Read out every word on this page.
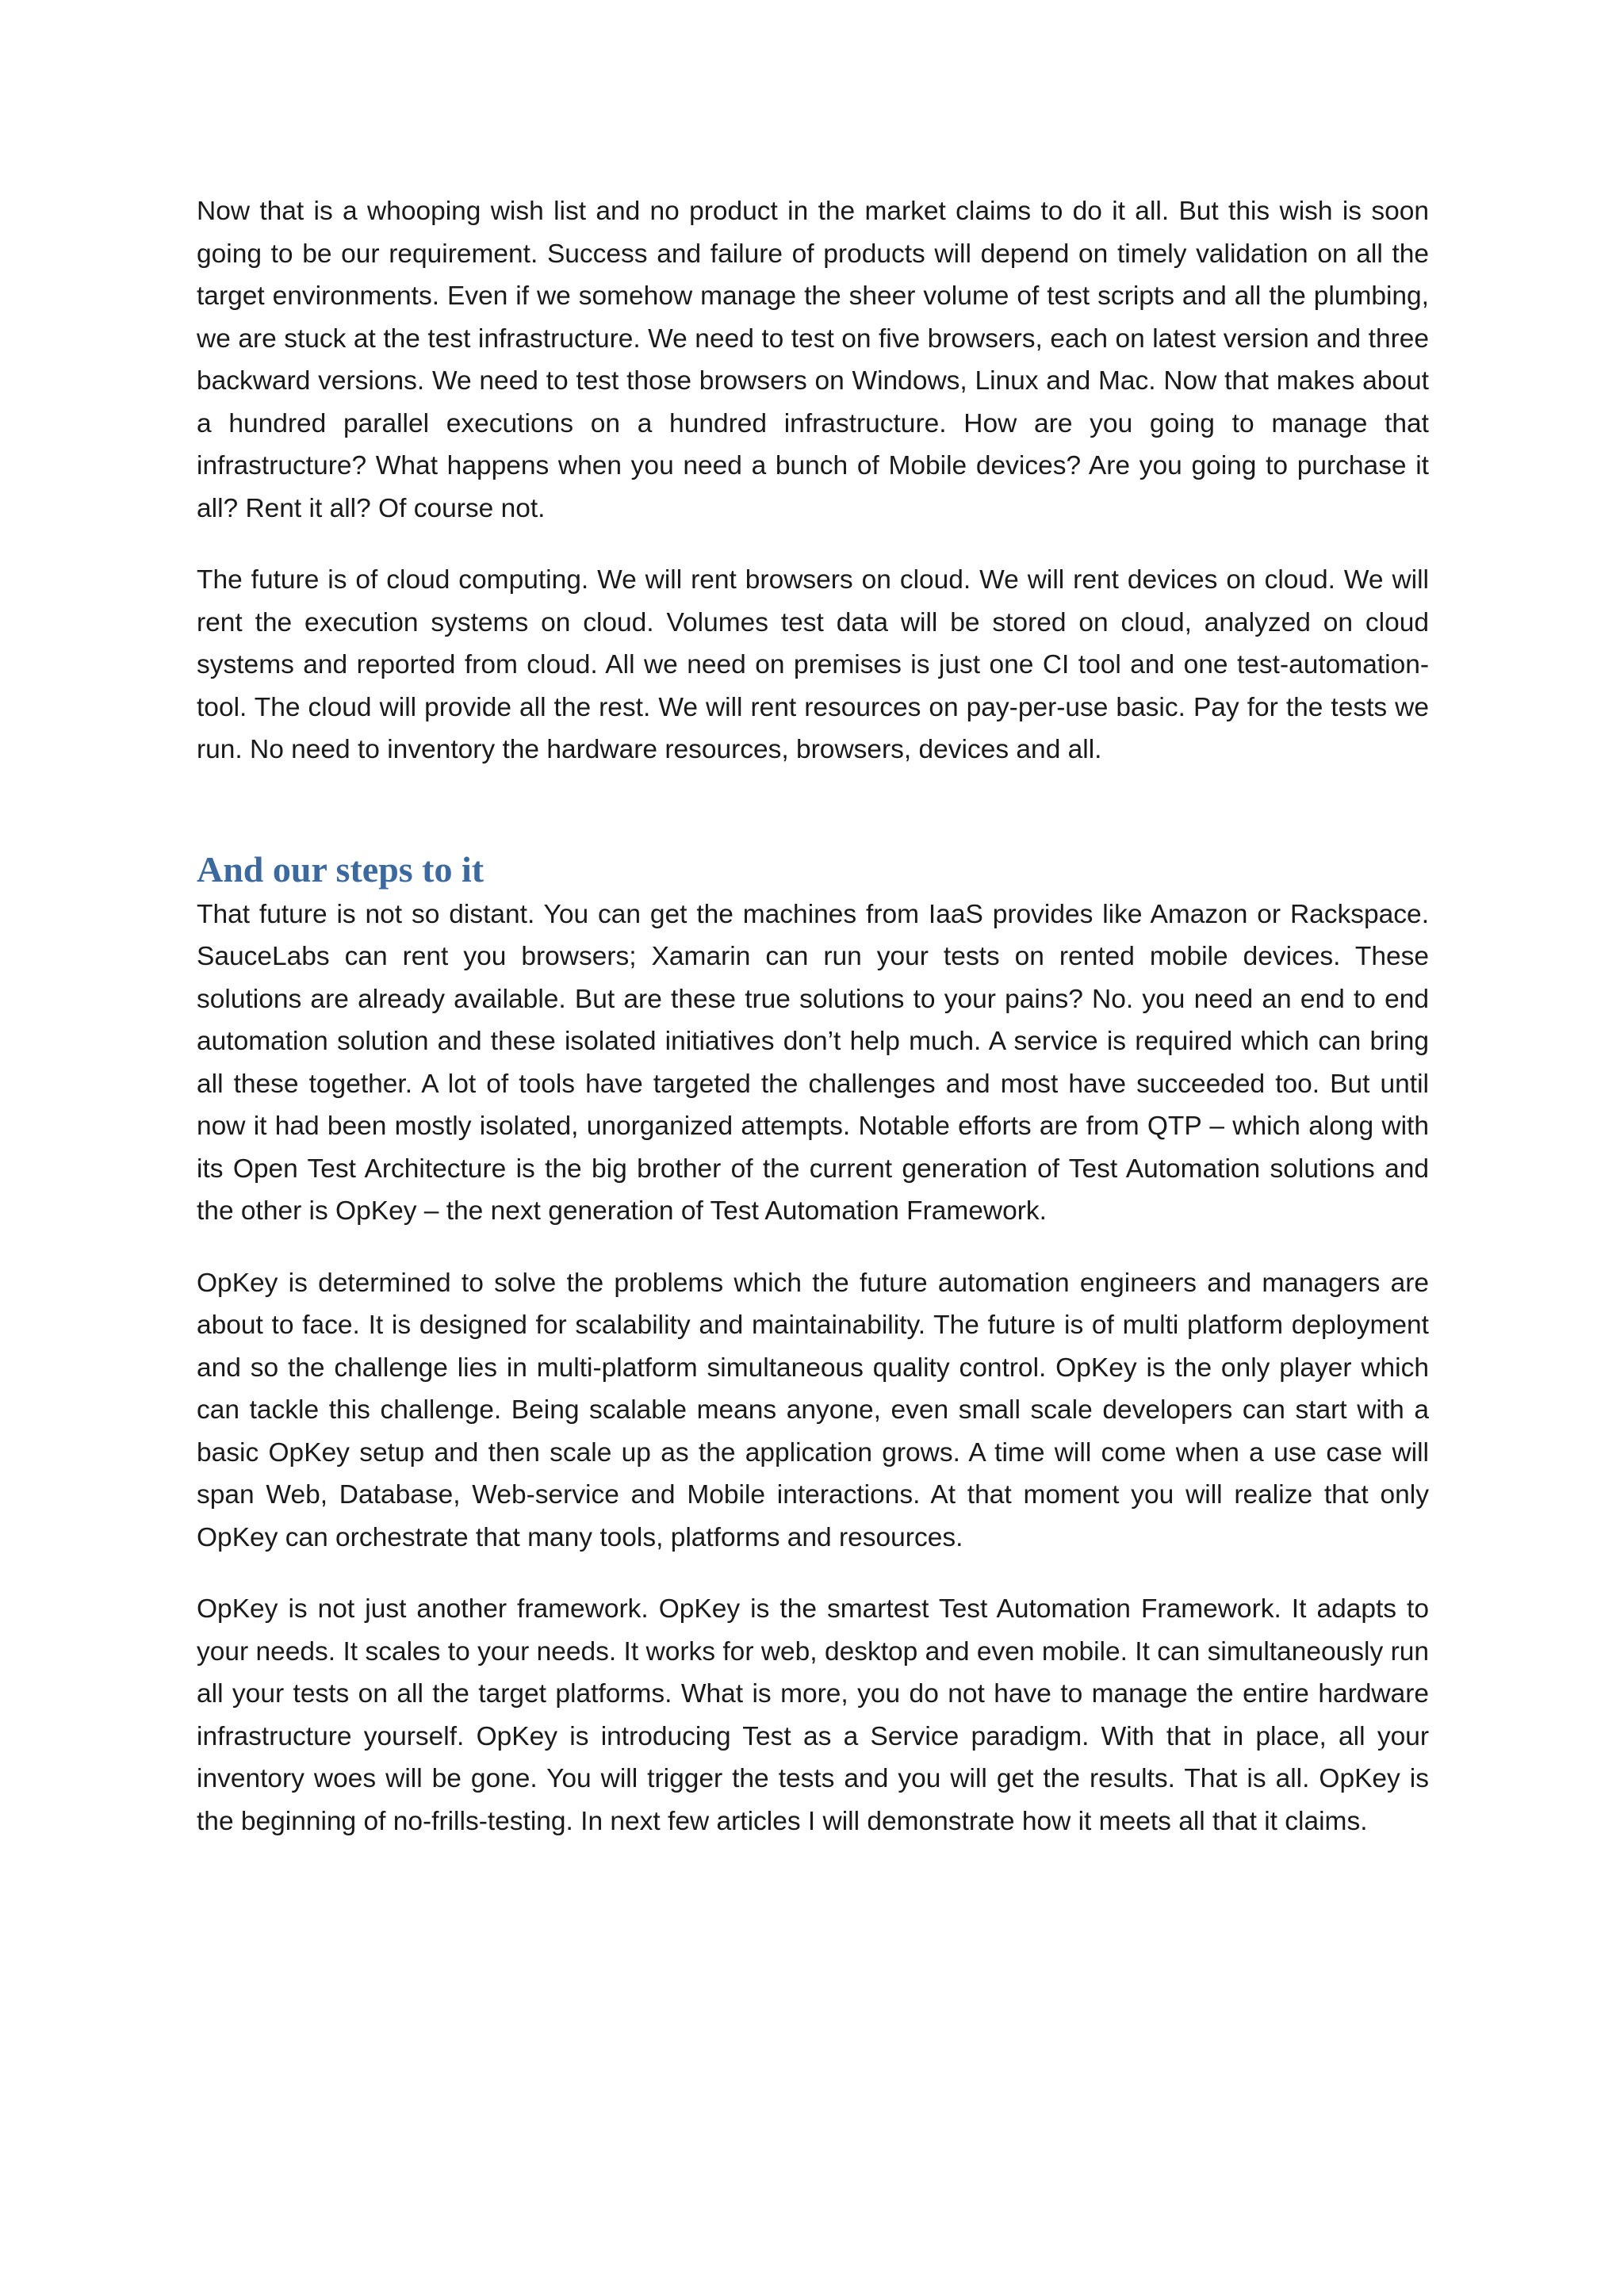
Now that is a whooping wish list and no product in the market claims to do it all. But this wish is soon going to be our requirement. Success and failure of products will depend on timely validation on all the target environments. Even if we somehow manage the sheer volume of test scripts and all the plumbing, we are stuck at the test infrastructure. We need to test on five browsers, each on latest version and three backward versions. We need to test those browsers on Windows, Linux and Mac. Now that makes about a hundred parallel executions on a hundred infrastructure. How are you going to manage that infrastructure? What happens when you need a bunch of Mobile devices? Are you going to purchase it all? Rent it all? Of course not.

The future is of cloud computing. We will rent browsers on cloud. We will rent devices on cloud. We will rent the execution systems on cloud. Volumes test data will be stored on cloud, analyzed on cloud systems and reported from cloud. All we need on premises is just one CI tool and one test-automation-tool. The cloud will provide all the rest. We will rent resources on pay-per-use basic. Pay for the tests we run. No need to inventory the hardware resources, browsers, devices and all.

And our steps to it

That future is not so distant. You can get the machines from IaaS provides like Amazon or Rackspace. SauceLabs can rent you browsers; Xamarin can run your tests on rented mobile devices. These solutions are already available. But are these true solutions to your pains? No. you need an end to end automation solution and these isolated initiatives don’t help much. A service is required which can bring all these together. A lot of tools have targeted the challenges and most have succeeded too. But until now it had been mostly isolated, unorganized attempts. Notable efforts are from QTP – which along with its Open Test Architecture is the big brother of the current generation of Test Automation solutions and the other is OpKey – the next generation of Test Automation Framework.

OpKey is determined to solve the problems which the future automation engineers and managers are about to face. It is designed for scalability and maintainability. The future is of multi platform deployment and so the challenge lies in multi-platform simultaneous quality control. OpKey is the only player which can tackle this challenge. Being scalable means anyone, even small scale developers can start with a basic OpKey setup and then scale up as the application grows. A time will come when a use case will span Web, Database, Web-service and Mobile interactions. At that moment you will realize that only OpKey can orchestrate that many tools, platforms and resources.

OpKey is not just another framework. OpKey is the smartest Test Automation Framework. It adapts to your needs. It scales to your needs. It works for web, desktop and even mobile. It can simultaneously run all your tests on all the target platforms. What is more, you do not have to manage the entire hardware infrastructure yourself. OpKey is introducing Test as a Service paradigm. With that in place, all your inventory woes will be gone. You will trigger the tests and you will get the results. That is all. OpKey is the beginning of no-frills-testing. In next few articles I will demonstrate how it meets all that it claims.
